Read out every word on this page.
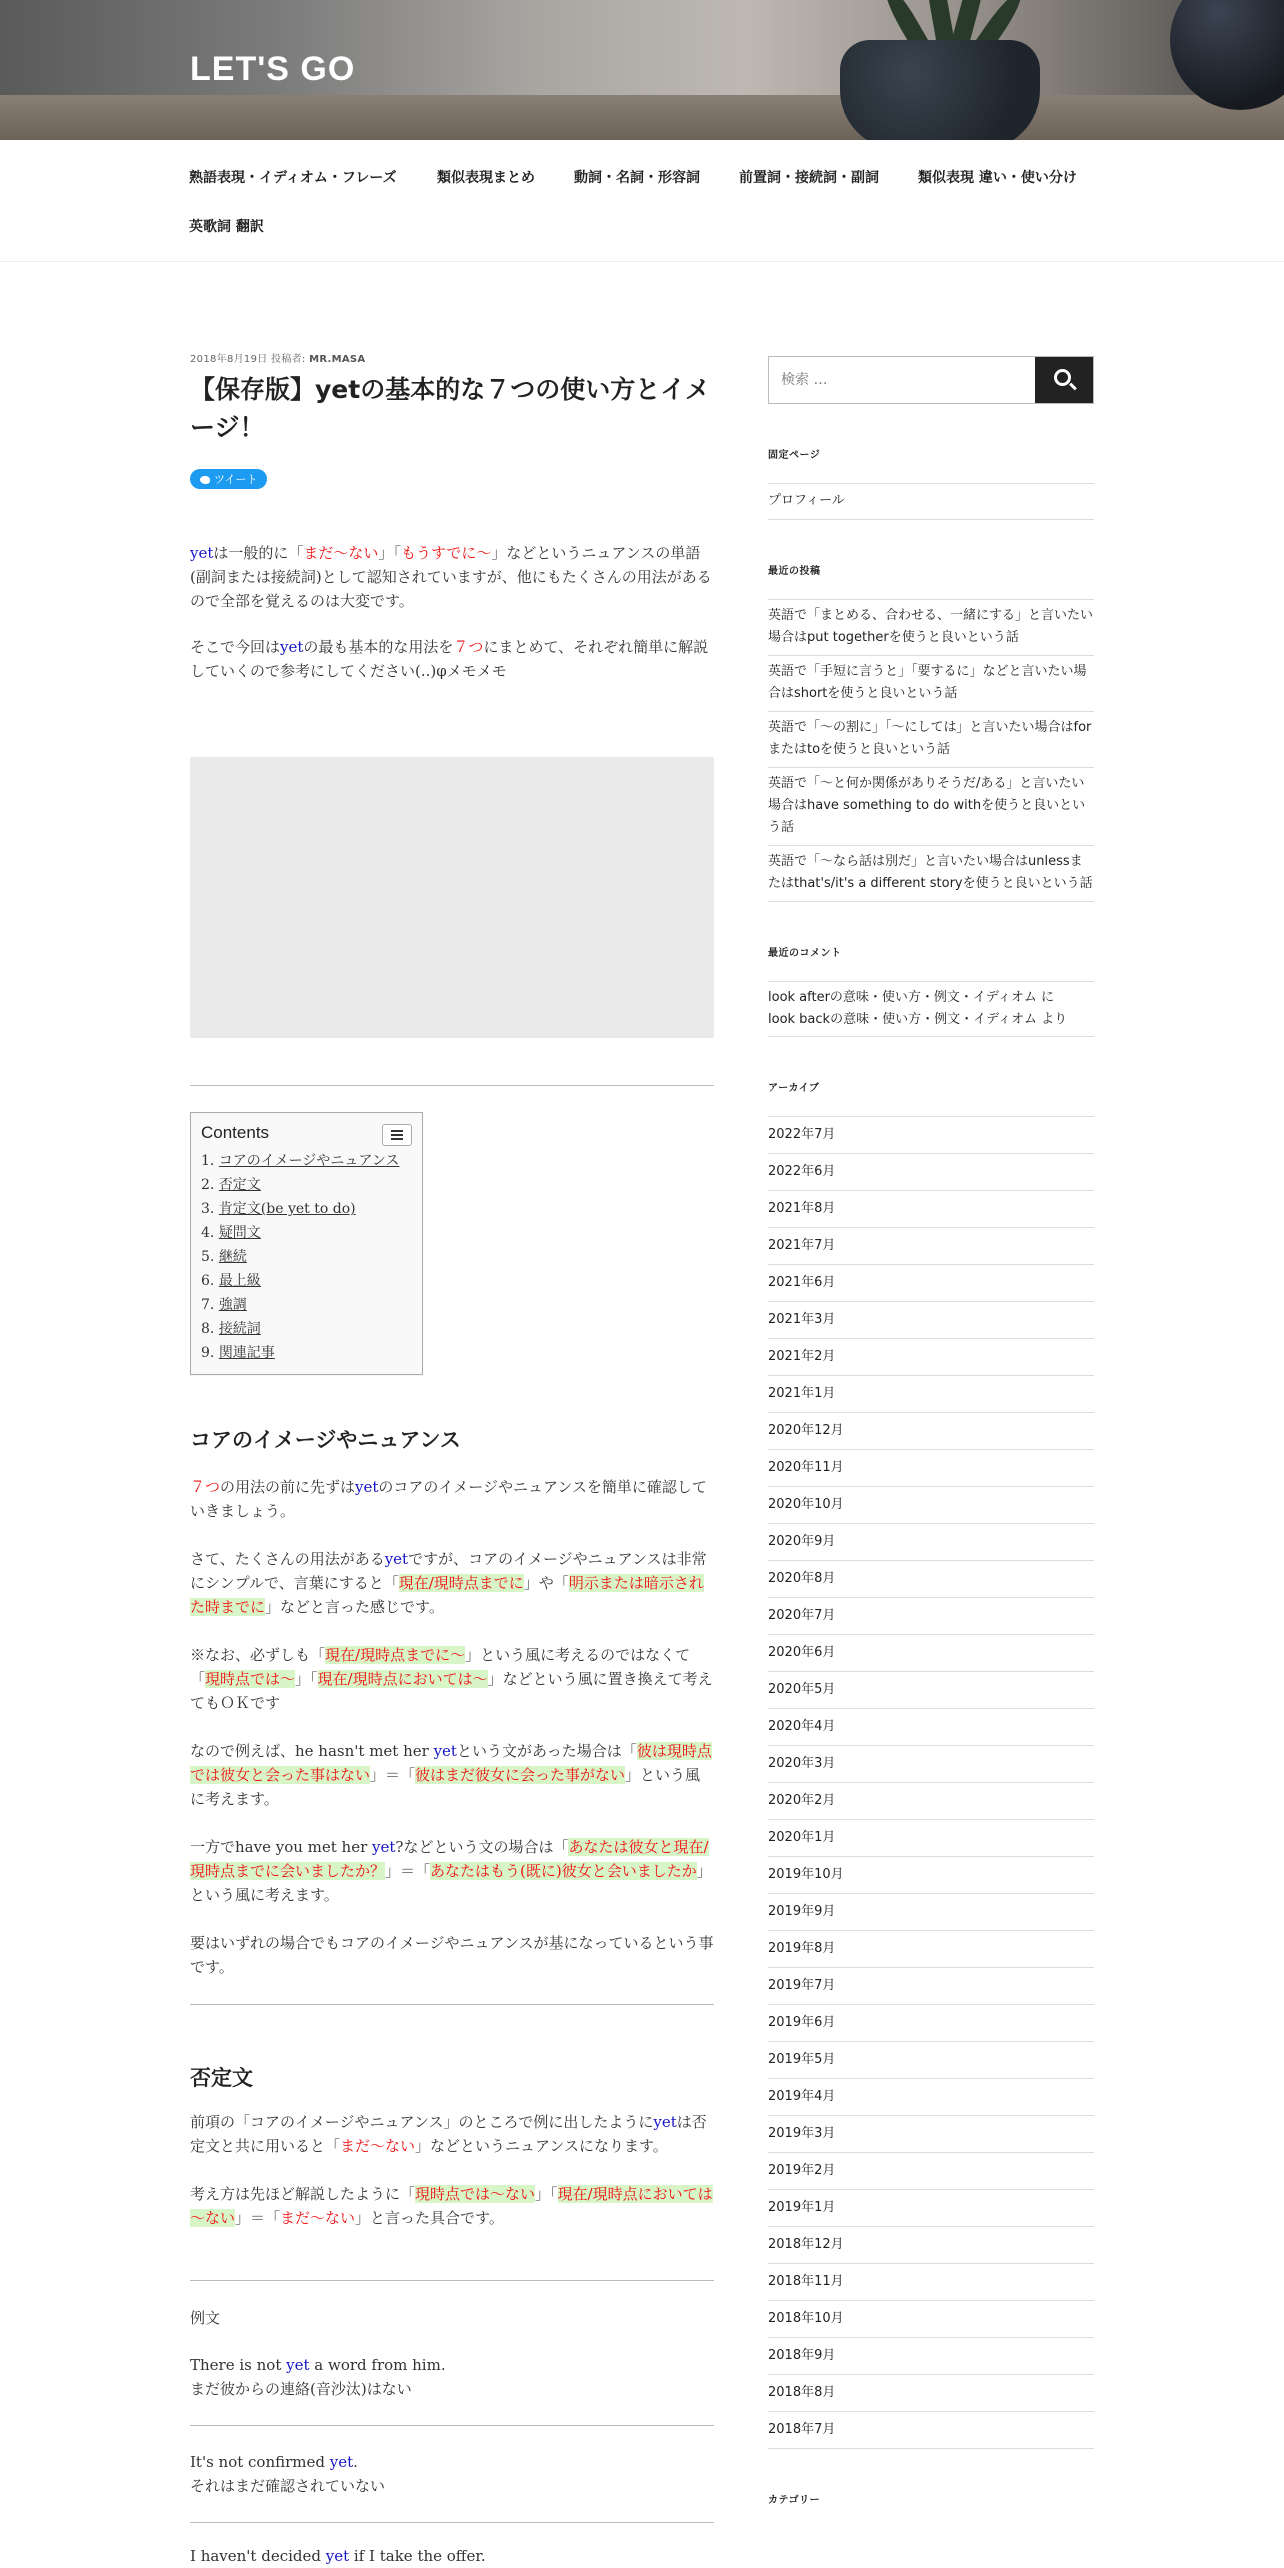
LET'S GO
熟語表現・イディオム・フレーズ	類似表現まとめ	動詞・名詞・形容詞	前置詞・接続詞・副詞	類似表現 違い・使い分け
英歌詞 翻訳
2018年8月19日 投稿者: MR.MASA
【保存版】yetの基本的な７つの使い方とイメージ！
ツイート

yetは一般的に「まだ～ない」「もうすでに～」などというニュアンスの単語(副詞または接続詞)として認知されていますが、他にもたくさんの用法があるので全部を覚えるのは大変です。

そこで今回はyetの最も基本的な用法を７つにまとめて、それぞれ簡単に解説していくので参考にしてください(..)φメモメモ

Contents
1. コアのイメージやニュアンス
2. 否定文
3. 肯定文(be yet to do)
4. 疑問文
5. 継続
6. 最上級
7. 強調
8. 接続詞
9. 関連記事
コアのイメージやニュアンス

７つの用法の前に先ずはyetのコアのイメージやニュアンスを簡単に確認していきましょう。

さて、たくさんの用法があるyetですが、コアのイメージやニュアンスは非常にシンプルで、言葉にすると「現在/現時点までに」や「明示または暗示された時までに」などと言った感じです。

※なお、必ずしも「現在/現時点までに～」という風に考えるのではなくて「現時点では～」「現在/現時点においては～」などという風に置き換えて考えてもＯＫです

なので例えば、he hasn't met her yetという文があった場合は「彼は現時点では彼女と会った事はない」＝「彼はまだ彼女に会った事がない」という風に考えます。

一方でhave you met her yet?などという文の場合は「あなたは彼女と現在/現時点までに会いましたか？」＝「あなたはもう(既に)彼女と会いましたか」という風に考えます。

要はいずれの場合でもコアのイメージやニュアンスが基になっているという事です。

否定文

前項の「コアのイメージやニュアンス」のところで例に出したようにyetは否定文と共に用いると「まだ～ない」などというニュアンスになります。

考え方は先ほど解説したように「現時点では～ない」「現在/現時点においては～ない」＝「まだ～ない」と言った具合です。

例文

There is not yet a word from him.

まだ彼からの連絡(音沙汰)はない

It's not confirmed yet.

それはまだ確認されていない

I haven't decided yet if I take the offer.

検索 …
固定ページ
プロフィール
最近の投稿
英語で「まとめる、合わせる、一緒にする」と言いたい場合はput togetherを使うと良いという話
英語で「手短に言うと」「要するに」などと言いたい場合はshortを使うと良いという話
英語で「～の割に」「～にしては」と言いたい場合はforまたはtoを使うと良いという話
英語で「～と何か関係がありそうだ/ある」と言いたい場合はhave something to do withを使うと良いという話
英語で「～なら話は別だ」と言いたい場合はunlessまたはthat's/it's a different storyを使うと良いという話
最近のコメント
look afterの意味・使い方・例文・イディオム に
look backの意味・使い方・例文・イディオム より
アーカイブ
2022年7月
2022年6月
2021年8月
2021年7月
2021年6月
2021年3月
2021年2月
2021年1月
2020年12月
2020年11月
2020年10月
2020年9月
2020年8月
2020年7月
2020年6月
2020年5月
2020年4月
2020年3月
2020年2月
2020年1月
2019年10月
2019年9月
2019年8月
2019年7月
2019年6月
2019年5月
2019年4月
2019年3月
2019年2月
2019年1月
2018年12月
2018年11月
2018年10月
2018年9月
2018年8月
2018年7月
カテゴリー
